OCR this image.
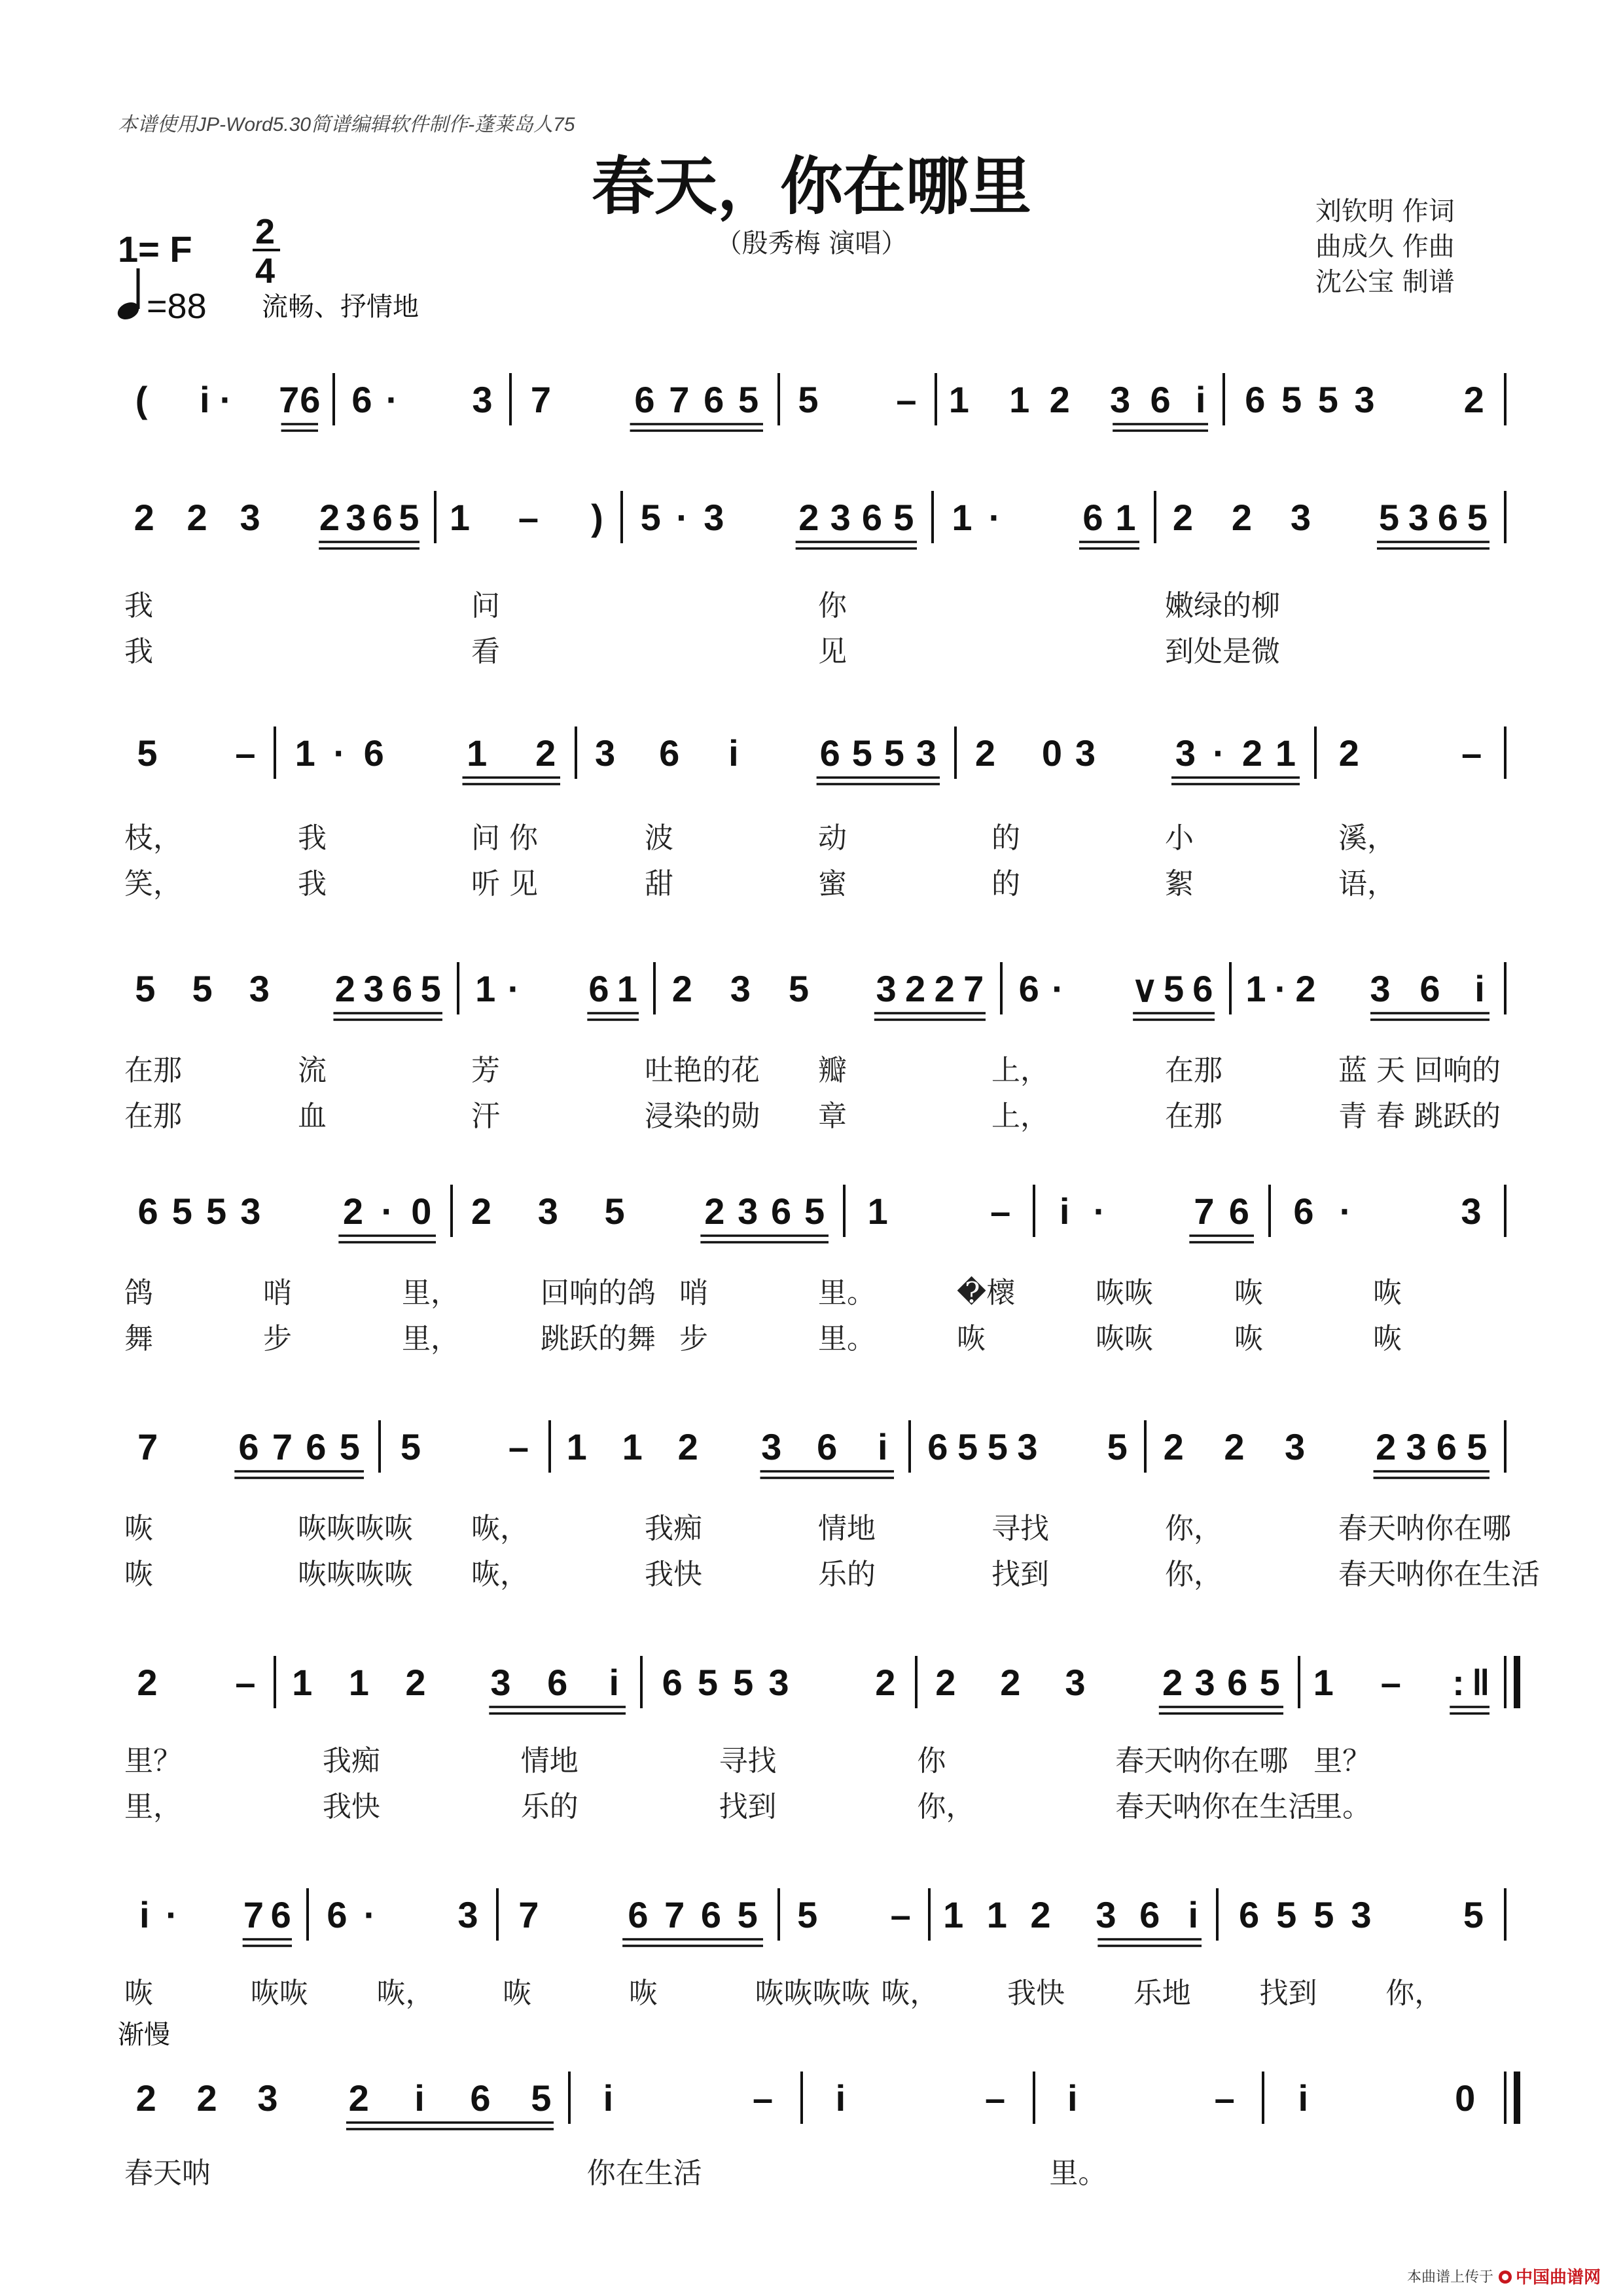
本谱使用JP-Word5.30简谱编辑软件制作-蓬莱岛人75
春天，你在哪里
（殷秀梅 演唱）
刘钦明 作词
曲成久 作曲
沈公宝 制谱
1= F 2
4
=88 流畅、抒情地
( i · 7 6 6 · 3 7 6 7 6 5 5 – 1 1 2 3 6 i 6 5 5 3 2
2 2 3 2 3 6 5 1 – ) 5 · 3 2 3 6 5 1 · 6 1 2 2 3 5 3 6 5
我	问	你	嫩绿的柳
我	看	见	到处是微
5 – 1 · 6 1 2 3 6 i 6 5 5 3 2 0 3 3 · 2 1 2	–
枝，	我	问 你	波	动	的	小	溪，
笑，	我	听 见	甜	蜜	的	絮	语，
5 5 3 2 3 6 5 1 · 6 1 2 3 5 3 2 2 7 6 · ∨ 5 6 1 · 2 3 6 i
在那	流	芳	吐艳的花 瓣	上，	在那	蓝 天 回响的
在那	血	汗	浸染的勋 章	上，	在那	青 春 跳跃的
6 5 5 3 2 · 0 2 3 5 2 3 6 5 1	– i · 7 6 6 ·	3
鸽	哨	里，	回响的鸽 哨	里。	�櫰	咴咴	咴	咴
舞	步	里，	跳跃的舞 步	里。	咴	咴咴	咴	咴
7 6 7 6 5 5 – 1 1 2 3 6 i 6 5 5 3 5 2 2 3 2 3 6 5
咴	咴咴咴咴 咴，	我痴	情地	寻找	你，	春天呐你在哪
咴	咴咴咴咴 咴，	我快	乐的	找到	你，	春天呐你在生活
2 – 1 1 2 3 6 i 6 5 5 3 2 2 2 3 2 3 6 5 1 – : ‖
里？	我痴	情地	寻找	你	春天呐你在哪 里？
里，	我快	乐的	找到	你，	春天呐你在生活
里。
i · 7 6 6 · 3 7 6 7 6 5 5 – 1 1 2 3 6 i 6 5 5 3	5
咴	咴咴 咴， 咴	咴	咴咴咴咴 咴， 我快 乐地 找到 你，
2 2 3 2 i 6 5 i	– i	– i	– i	0
春天呐	你在生活	里。
渐慢
本曲谱上传于 中国曲谱网
